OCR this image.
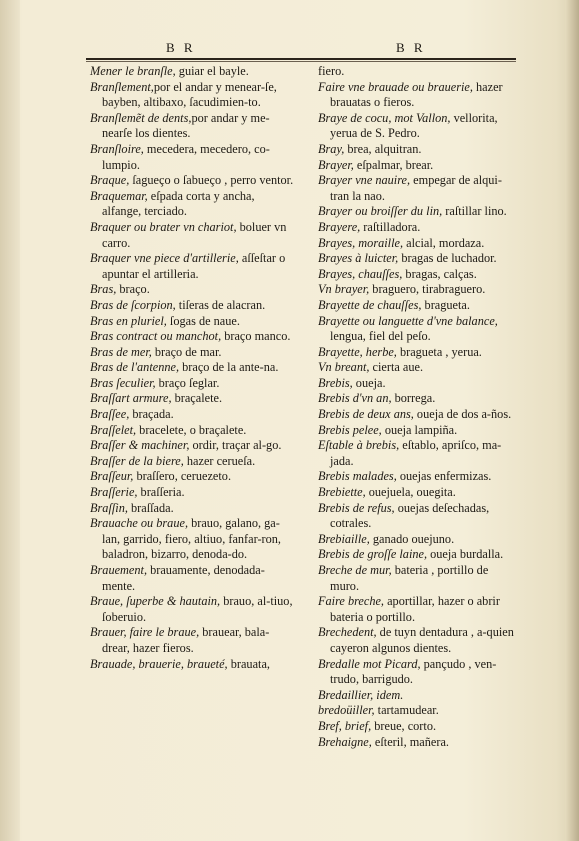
B R	B R

Mener le branſle, guiar el bayle.

Branſlement,por el andar y menear-ſe, bayben, altibaxo, ſacudimien-to.

Branſlemẽt de dents,por andar y me-nearſe los dientes.

Branſloire, mecedera, mecedero, co-lumpio.

Braque, ſagueço o ſabueço , perro ventor.

Braquemar, eſpada corta y ancha, alfange, terciado.

Braquer ou brater vn chariot, boluer vn carro.

Braquer vne piece d'artillerie, aſſeſtar o apuntar el artilleria.

Bras, braço.

Bras de ſcorpion, tiſeras de alacran.

Bras en pluriel, ſogas de naue.

Bras contract ou manchot, braço manco.

Bras de mer, braço de mar.

Bras de l'antenne, braço de la ante-na.

Bras ſeculier, braço ſeglar.

Braſſart armure, braçalete.

Braſſee, braçada.

Braſſelet, bracelete, o braçalete.

Braſſer & machiner, ordir, traçar al-go.

Braſſer de la biere, hazer cerueſa.

Braſſeur, braſſero, ceruezeto.

Braſſerie, braſſeria.

Braſſin, braſſada.

Brauache ou braue, brauo, galano, ga-lan, garrido, fiero, altiuo, fanfar-ron, baladron, bizarro, denoda-do.

Brauement, brauamente, denodada-mente.

Braue, ſuperbe & hautain, brauo, al-tiuo, ſoberuio.

Brauer, faire le braue, brauear, bala-drear, hazer fieros.

Brauade, brauerie, braueté, brauata,

fiero.

Faire vne brauade ou brauerie, hazer brauatas o fieros.

Braye de cocu, mot Vallon, vellorita, yerua de S. Pedro.

Bray, brea, alquitran.

Brayer, eſpalmar, brear.

Brayer vne nauire, empegar de alqui-tran la nao.

Brayer ou broiſſer du lin, raſtillar lino.

Brayere, raſtilladora.

Brayes, moraille, alcial, mordaza.

Brayes à luicter, bragas de luchador.

Brayes, chauſſes, bragas, calças.

Vn brayer, braguero, tirabraguero.

Brayette de chauſſes, bragueta.

Brayette ou languette d'vne balance, lengua, fiel del peſo.

Brayette, herbe, bragueta , yerua.

Vn breant, cierta aue.

Brebis, oueja.

Brebis d'vn an, borrega.

Brebis de deux ans, oueja de dos a-ños.

Brebis pelee, oueja lampiña.

Eſtable à brebis, eſtablo, apriſco, ma-jada.

Brebis malades, ouejas enfermizas.

Brebiette, ouejuela, ouegita.

Brebis de refus, ouejas deſechadas, cotrales.

Brebiaille, ganado ouejuno.

Brebis de groſſe laine, oueja burdalla.

Breche de mur, bateria , portillo de muro.

Faire breche, aportillar, hazer o abrir bateria o portillo.

Brechedent, de tuyn dentadura , a-quien cayeron algunos dientes.

Bredalle mot Picard, pançudo , ven-trudo, barrigudo.

Bredaillier, idem.

bredoüiller, tartamudear.

Bref, brief, breue, corto.

Brehaigne, eſteril, mañera.
